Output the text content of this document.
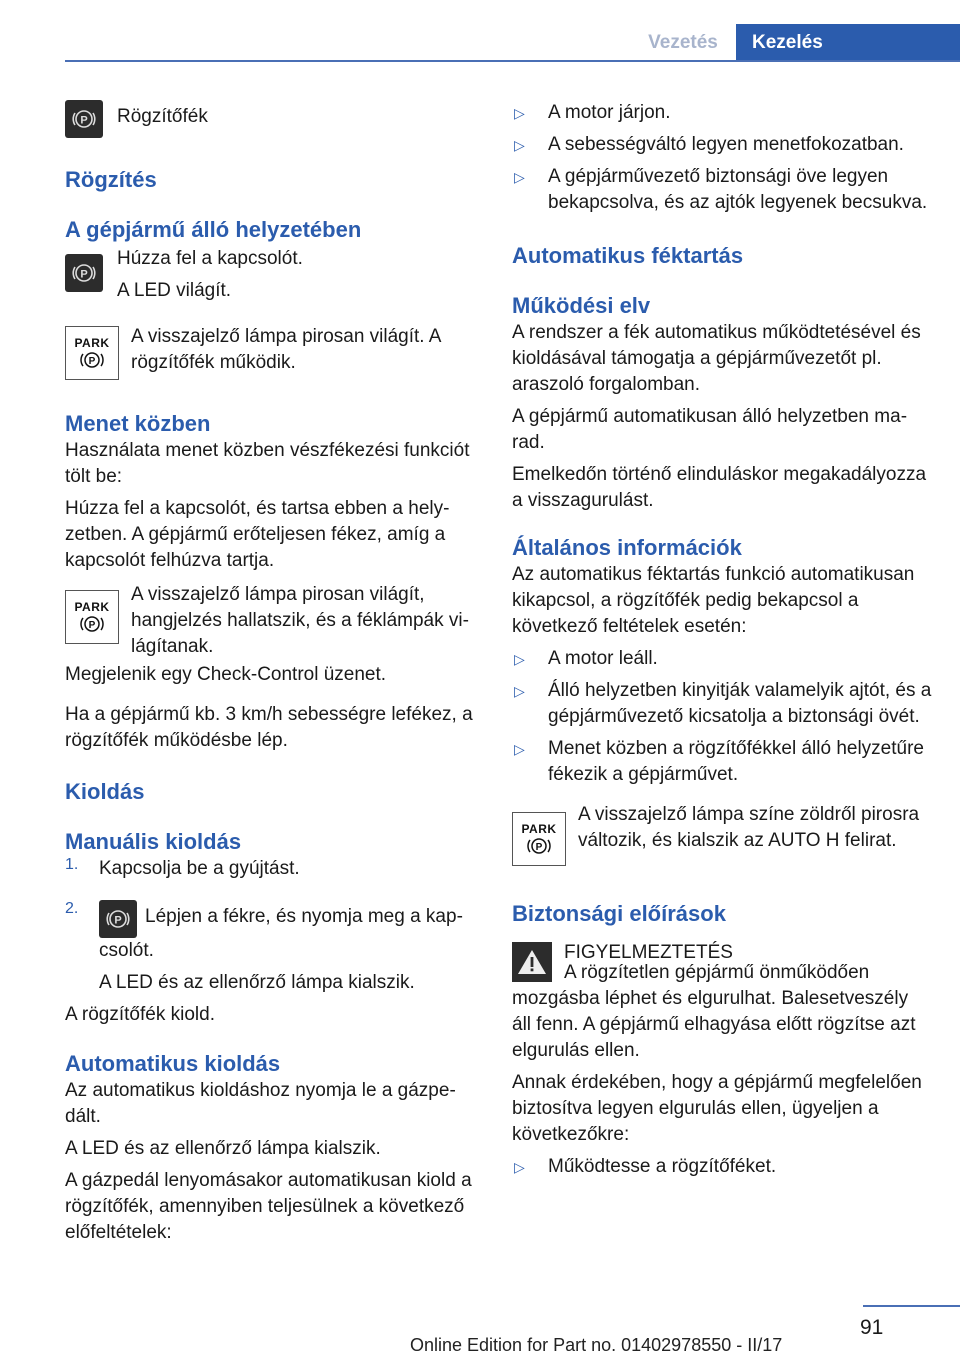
Vezetés	Kezelés
P Rögzítőfék

Rögzítés

A gépjármű álló helyzetében

P

Húzza fel a kapcsolót.

A LED világít.

PARK
P

A visszajelző lámpa pirosan világít. A rögzítőfék működik.

Menet közben

Használata menet közben vészfékezési funkciót tölt be:

Húzza fel a kapcsolót, és tartsa ebben a helyzetben. A gépjármű erőteljesen fékez, amíg a kapcsolót felhúzva tartja.

PARK
P

A visszajelző lámpa pirosan világít, hangjelzés hallatszik, és a féklámpák világítanak.

Megjelenik egy Check-Control üzenet.

Ha a gépjármű kb. 3 km/h sebességre lefékez, a rögzítőfék működésbe lép.

Kioldás

Manuális kioldás

1.	Kapcsolja be a gyújtást.

2.

P Lépjen a fékre, és nyomja meg a kapcsolót.

A LED és az ellenőrző lámpa kialszik.

A rögzítőfék kiold.

Automatikus kioldás

Az automatikus kioldáshoz nyomja le a gázpedált.

A LED és az ellenőrző lámpa kialszik.

A gázpedál lenyomásakor automatikusan kiold a rögzítőfék, amennyiben teljesülnek a következő előfeltételek:

▷	A motor járjon.

▷	A sebességváltó legyen menetfokozatban.

▷	A gépjárművezető biztonsági öve legyen bekapcsolva, és az ajtók legyenek becsukva.

Automatikus féktartás

Működési elv

A rendszer a fék automatikus működtetésével és kioldásával támogatja a gépjárművezetőt pl. araszoló forgalomban.

A gépjármű automatikusan álló helyzetben marad.

Emelkedőn történő elinduláskor megakadályozza a visszagurulást.

Általános információk

Az automatikus féktartás funkció automatikusan kikapcsol, a rögzítőfék pedig bekapcsol a következő feltételek esetén:

▷	A motor leáll.

▷	Álló helyzetben kinyitják valamelyik ajtót, és a gépjárművezető kicsatolja a biztonsági övét.

▷	Menet közben a rögzítőfékkel álló helyzetűre fékezik a gépjárművet.

PARK
P

A visszajelző lámpa színe zöldről pirosra változik, és kialszik az AUTO H felirat.

Biztonsági előírások

FIGYELMEZTETÉS

A rögzítetlen gépjármű önműködően mozgásba léphet és elgurulhat. Balesetveszély áll fenn. A gépjármű elhagyása előtt rögzítse azt elgurulás ellen.

Annak érdekében, hogy a gépjármű megfelelően biztosítva legyen elgurulás ellen, ügyeljen a következőkre:

▷	Működtesse a rögzítőféket.

91
Online Edition for Part no. 01402978550 - II/17
